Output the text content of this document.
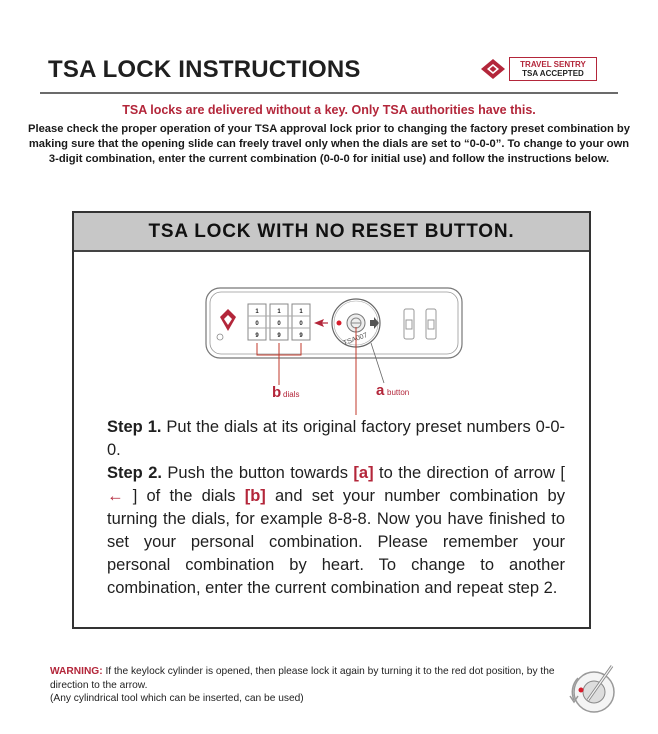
TSA LOCK INSTRUCTIONS	TRAVEL SENTRY
TSA ACCEPTED
TSA locks are delivered without a key. Only TSA authorities have this.
Please check the proper operation of your TSA approval lock prior to changing the factory preset combination by making sure that the opening slide can freely travel only when the dials are set to “0-0-0”. To change to your own 3-digit combination, enter the current combination (0-0-0 for initial use) and follow the instructions below.
TSA LOCK WITH NO RESET BUTTON.
1	1	1
0	0	0
9	9	9	TSA007
b dials	a button
Step 1. Put the dials at its original factory preset numbers 0-0-0.
Step 2. Push the button towards [a] to the direction of arrow [ ← ] of the dials [b] and set your number combination by turning the dials, for example 8-8-8. Now you have finished to set your personal combination. Please remember your personal combination by heart. To change to another combination, enter the current combination and repeat step 2.
WARNING: If the keylock cylinder is opened, then please lock it again by turning it to the red dot position, by the direction to the arrow.
(Any cylindrical tool which can be inserted, can be used)
